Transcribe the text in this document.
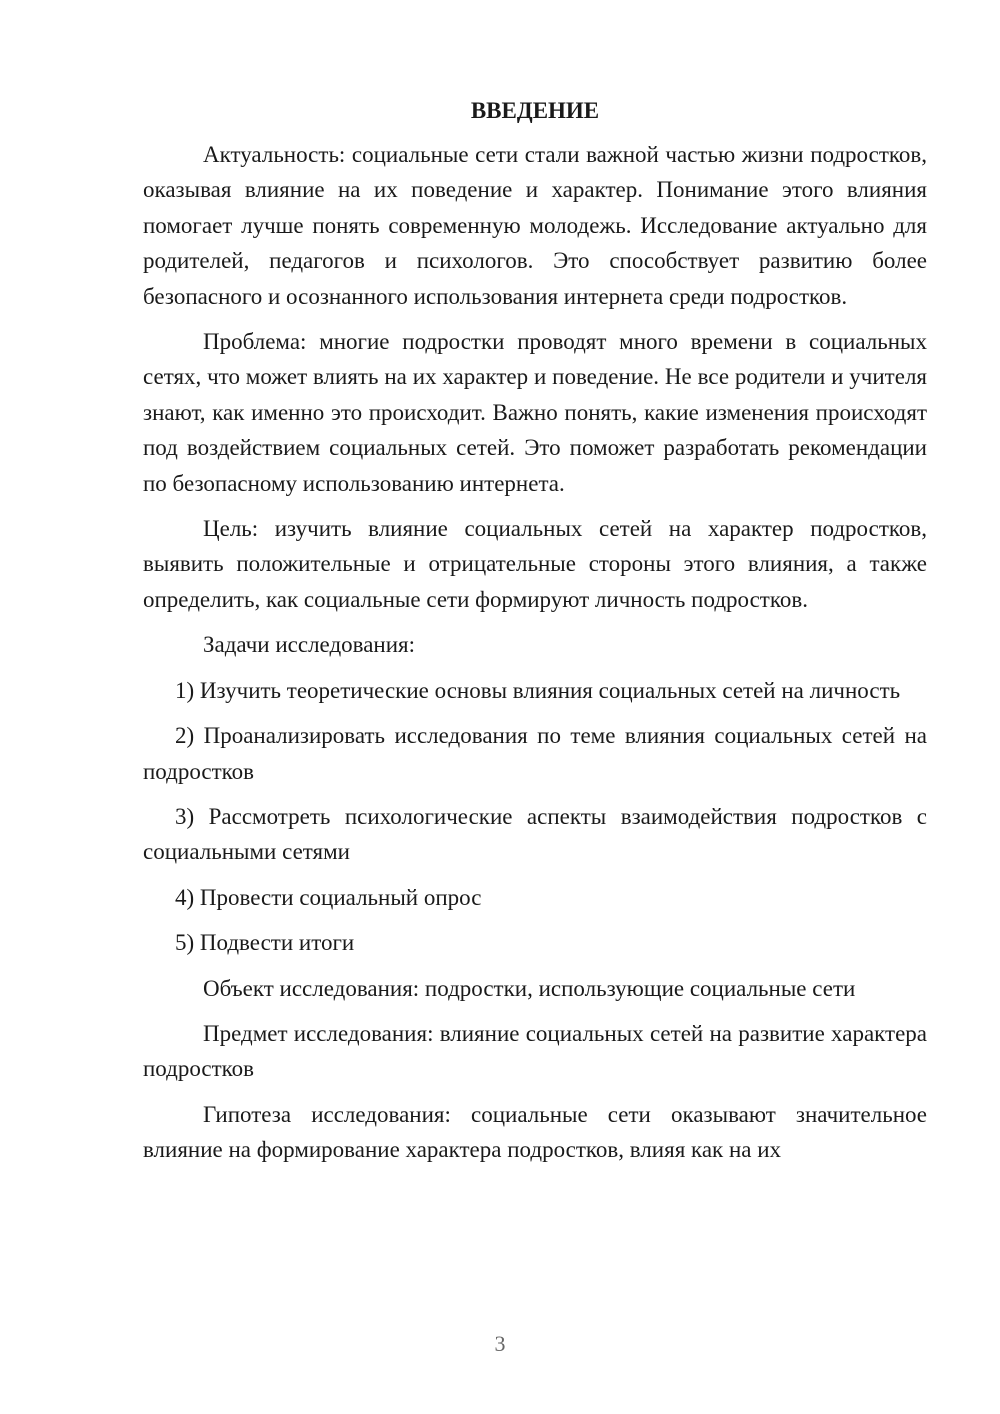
ВВЕДЕНИЕ

Актуальность: социальные сети стали важной частью жизни подростков, оказывая влияние на их поведение и характер. Понимание этого влияния помогает лучше понять современную молодежь. Исследование актуально для родителей, педагогов и психологов. Это способствует развитию более безопасного и осознанного использования интернета среди подростков.

Проблема: многие подростки проводят много времени в социальных сетях, что может влиять на их характер и поведение. Не все родители и учителя знают, как именно это происходит. Важно понять, какие изменения происходят под воздействием социальных сетей. Это поможет разработать рекомендации по безопасному использованию интернета.

Цель: изучить влияние социальных сетей на характер подростков, выявить положительные и отрицательные стороны этого влияния, а также определить, как социальные сети формируют личность подростков.

Задачи исследования:

1) Изучить теоретические основы влияния социальных сетей на личность

2) Проанализировать исследования по теме влияния социальных сетей на подростков

3) Рассмотреть психологические аспекты взаимодействия подростков с социальными сетями

4) Провести социальный опрос

5) Подвести итоги

Объект исследования: подростки, использующие социальные сети

Предмет исследования: влияние социальных сетей на развитие характера подростков

Гипотеза исследования: социальные сети оказывают значительное влияние на формирование характера подростков, влияя как на их

3
